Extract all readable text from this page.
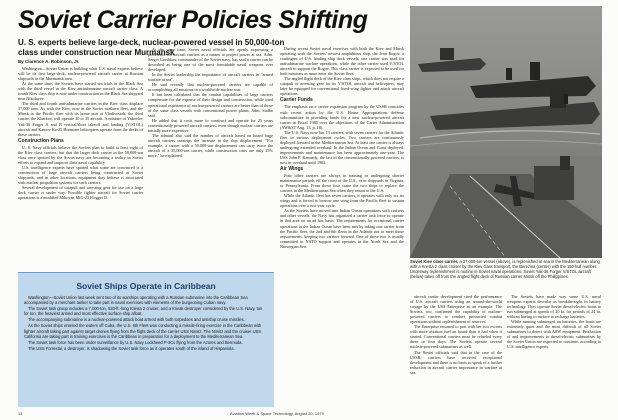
Soviet Carrier Policies Shifting
U. S. experts believe large-deck, nuclear-powered vessel in 50,000-ton class under construction near Murmansk
By Clarence A. Robinson, Jr.

Washington—Soviet Union is building what U.S. naval experts believe will be its first large-deck, nuclear-powered aircraft carrier at Russian shipyards in the Murmansk area.

At the same time, the Soviets have started sea trials in the Black Sea with the third vessel in the Kiev antisubmarine aircraft carrier class. A fourth Kiev class ship is now under construction in the Black Sea shipyard near Nikolayev.

The third and fourth antisubmarine carriers in the Kiev class displace 37,000 tons. As with the Kiev, now in the Soviet northern fleet, and the Minsk in the Pacific fleet with its home port at Vladivostok, the third carrier, the Kharkov, will operate 30 to 35 aircraft. A mixture of Yakovlev Yak-36 Forger A and B vertical/short takeoff and landing (V/STOL) aircraft and Kamov Ka-25 Hormone helicopters operate from the decks of these carriers.

Construction Plans

U. S. Navy officials believe the Soviets plan to build at least eight of the Kiev class carriers, but that the larger deck carrier in the 50,000-ton class once spotted by the Soviet navy are becoming a reality in Soviet efforts to expand and improve their naval capability.

U.S. intelligence experts have spotted what some are convinced is a construction of large aircraft carriers being constructed at Soviet shipyards, and in other locations, equipment they believe is associated with nuclear propulsion systems for such carriers.

Several development of catapult and arresting gear for use on a large deck carrier is under way. Possible fighter aircraft for Soviet carrier operations is a modified Mikoyan MiG-23 Flogger D.

At the same time, Soviet naval officials are openly expressing a preference for aircraft carriers as a means to project power at sea. Adm. Sergei Gorshkov, commander of the Soviet navy, has said a carrier can be described as being one of the most formidable naval weapons ever developed.

In the Soviet leadership the importance of aircraft carriers in "armed warfare at sea".

He said recently that nuclear-powered carriers are capable of accomplishing all missions in a worldwide nuclear war.

It has been calculated that the combat capabilities of large carriers compensate for the expense of their design and construction, while tried operational experience of nuclear-powered carriers are better than of those of the same class vessels with conventional power plants, Adm. Stalbo said.

He added that it costs more to construct and operate for 25 years conventionally powered aircraft carriers, even though nuclear carriers are initially more expensive.

The admiral also said the number of aircraft based on board large aircraft carriers outstrips the increase in the ship displacement. "For example, a carrier with a 50,000-ton displacement can carry twice the aircraft of a 35,000-ton carrier, while construction costs are only 25% more," he explained.

During recent Soviet naval exercises with both the Kiev and Minsk operating with the Soviets' newest amphibious ship, the Ivan Rogov, a contingent of U.S. landing ship dock vessels, one carrier was used for antisubmarine warfare operations, while the other carrier used V/STOL aircraft to support the Rogov. This class carrier is expected to be used for both missions as more enter the Soviet fleet.

The angled flight deck of the Kiev class ships, which does not require a catapult or arresting gear for its V/STOL aircraft and helicopters, may later be equipped for conventional fixed-wing fighter and attack aircraft operations.

Carrier Funds

The emphasis on a carrier expansion program by the USSR coincides with recent action by the U.S. House Appropriations defense subcommittee in providing funds for a new nuclear-powered aircraft carrier in Fiscal 1980 over the objections of the Carter Administration (AW&ST Aug. 13, p. 18).

The U.S. Navy now has 13 carriers, with seven carriers for the Atlantic fleet in various deployment cycles. Two carriers are continuously deployed forward in the Mediterranean Sea. At least one carrier is always undergoing extended overhaul. In the Indian Ocean and Coast deployed, improvements and maintenance has been approximately one-year. The USS John F. Kennedy, the last of the conventionally powered carriers, is now in overhaul until 1982.

Air Wings

Four other carriers are always in training or undergoing shorter maintenance periods off the coast of the U.S., or in shipyards in Virginia, or Pennsylvania. From those four come the two ships to replace the carriers in the Mediterranean Sea when they return to the U.S.

While the Atlantic fleet has seven carriers, it operates with only six air wings and is forced to borrow one wing from the Pacific fleet to sustain operations over a two-year cycle.

As the Soviets have moved into Indian Ocean operations with cruisers and other vessels, the Navy has organized a carrier task force to operate in that area on an ad hoc basis. The requirements for occasional carrier operations in the Indian Ocean have been met by taking one carrier from the Pacific fleet, the 2nd and 6th fleets in the Atlantic not to meet those requirements, keeping two carriers forward. One of those two is usually committed to NATO support and operates in the North Sea and the Norwegian Sea.

Soviet Kiev class carrier, a 37,000-ton vessel (above), is replenished at sea in the Mediterranean along with a Kresta 2 class cruiser by the Kiev class transport, the Berezina (center) with the 150 hull number. Underway replenishment is routine in Soviet naval operations. Soviet Yak-36 Forger V/STOL aircraft (below) takes off from the angled flight deck of Russian carrier Minsk off the Philippines.

aircraft carrier development cited the performance of U.S. aircraft carriers using an around-the-world voyage by the USS Enterprise as an example. The Soviets, too, confirmed the capability of nuclear-powered carriers to conduct protracted combat operations without replenishment of reserves.

The Enterprise returned to port with her two escorts with more aviation fuel on board than it had when it started. Conventional carriers must be refueled every three or four days. The Soviets operate several nuclear-powered submarines as well.

The Soviet officials said that in the case of the USSR, carriers have received exceptional development and there is no basis to speak of a further reduction in aircraft carrier importance in warfare at sea.

The Soviets have made way some U.S. naval weapons experts describe as breakthroughs in battery technology. They operate Soviet diesel-electric boats to run submerged at speeds of 20 kt. for periods of 24 hr. without having to surface to recharge batteries.

While running submerged on batteries, the boats are extremely quiet and the most difficult of all Soviet submarines to detect with ASW equipment. Production of and improvements to diesel-electric submarines by the Soviet Union are expected to continue, according to U.S. intelligence experts.

Soviet Ships Operate in Caribbean

Washington—Soviet Union last week sent two of its warships operating with a Russian submarine into the Caribbean Sea accompanied by a merchant tanker to take part in naval exercises with elements of the burgeoning Cuban navy.

The Soviet task group includes a 7,000-ton, 520-ft.-long Kresta 2 cruiser, and a Krivak destroyer considered by the U.S. Navy, ton for ton, the heaviest armed and most effective surface ship afloat.

The accompanying submarine is a nuclear-powered attack boat armed with both torpedoes and antiship cruise missiles.

As the Soviet ships entered the waters off Cuba, the U.S. 6th Fleet was conducting a missile-firing exercise in the Caribbean with fighter aircraft taking part against target drones flying from the flight deck of the carrier USS Nimitz. The Nimitz and the cruiser USS California are taking part in training exercises in the Caribbean in preparation for a deployment to the Mediterranean Sea.

The Soviet task force has been under surveillance by U.S. Navy Lockheed P-3Cs flying from the Azores and Bermuda.

The USS Forrestal, a destroyer, is shadowing the Soviet task force as it operates south of the island of Hispaniola.

14	Aviation Week & Space Technology, August 20, 1979
